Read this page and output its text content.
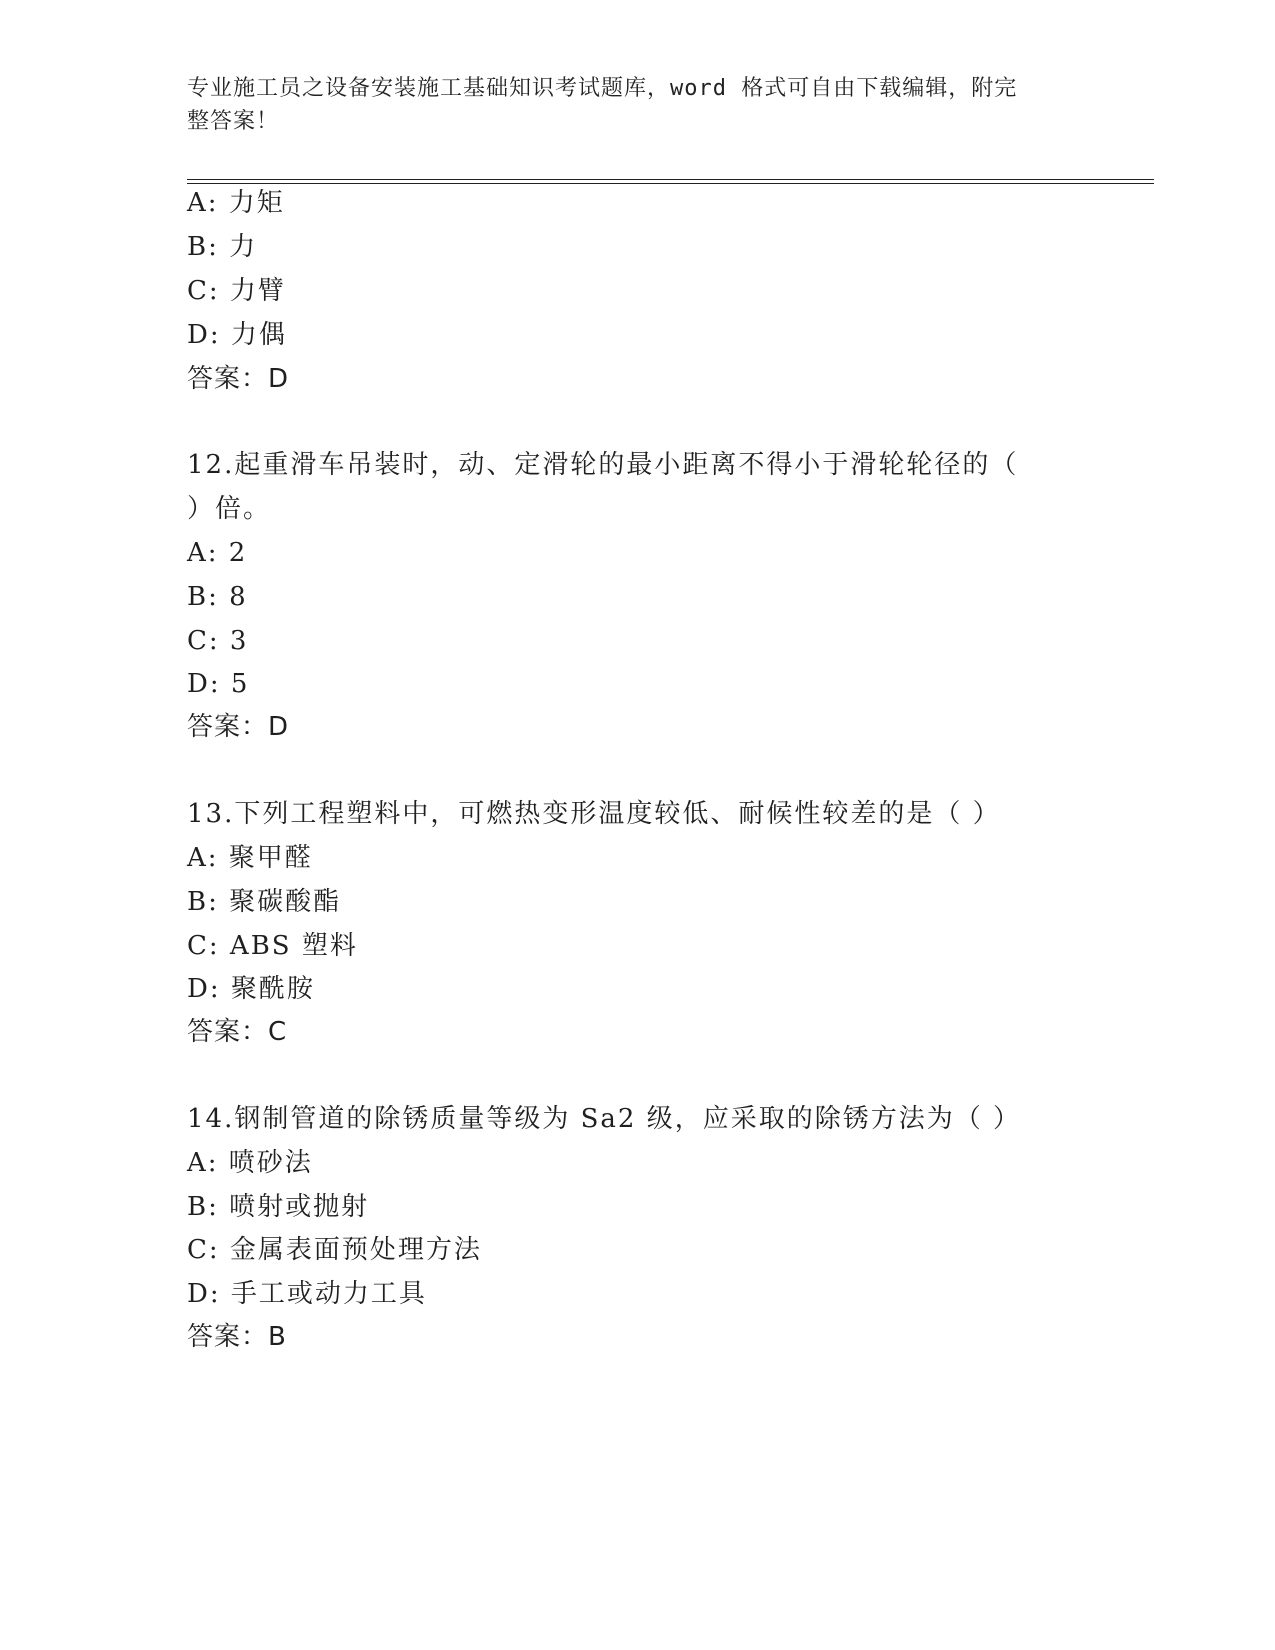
专业施工员之设备安装施工基础知识考试题库，word 格式可自由下载编辑，附完
整答案！
A: 力矩
B: 力
C: 力臂
D: 力偶
答案：D
12.起重滑车吊装时，动、定滑轮的最小距离不得小于滑轮轮径的（
）倍。
A: 2
B: 8
C: 3
D: 5
答案：D
13.下列工程塑料中，可燃热变形温度较低、耐候性较差的是（ ）
A: 聚甲醛
B: 聚碳酸酯
C: ABS 塑料
D: 聚酰胺
答案：C
14.钢制管道的除锈质量等级为 Sa2 级，应采取的除锈方法为（ ）
A: 喷砂法
B: 喷射或抛射
C: 金属表面预处理方法
D: 手工或动力工具
答案：B
